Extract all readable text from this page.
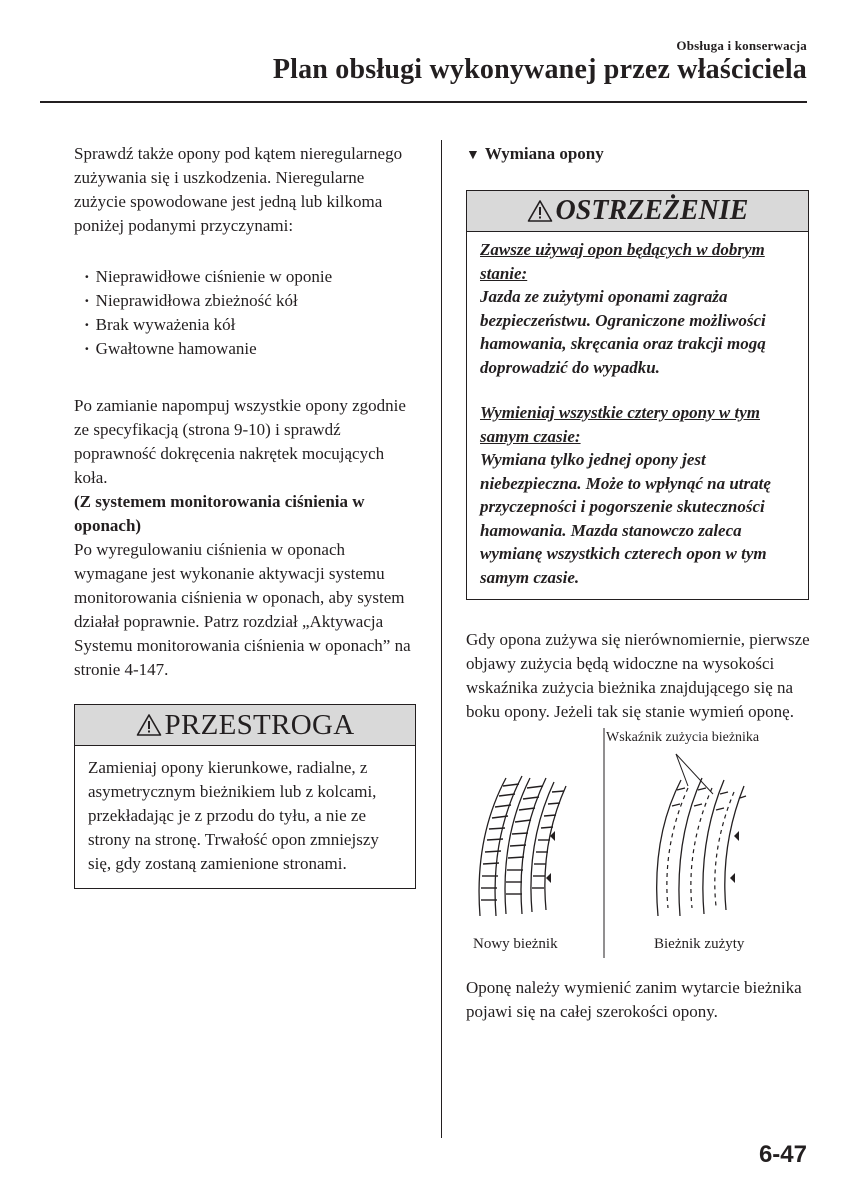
Obsługa i konserwacja
Plan obsługi wykonywanej przez właściciela

Sprawdź także opony pod kątem nieregularnego zużywania się i uszkodzenia. Nieregularne zużycie spowodowane jest jedną lub kilkoma poniżej podanymi przyczynami:

· Nieprawidłowe ciśnienie w oponie
· Nieprawidłowa zbieżność kół
· Brak wyważenia kół
· Gwałtowne hamowanie

Po zamianie napompuj wszystkie opony zgodnie ze specyfikacją (strona 9-10) i sprawdź poprawność dokręcenia nakrętek mocujących koła.

(Z systemem monitorowania ciśnienia w oponach)

Po wyregulowaniu ciśnienia w oponach wymagane jest wykonanie aktywacji systemu monitorowania ciśnienia w oponach, aby system działał poprawnie. Patrz rozdział „Aktywacja Systemu monitorowania ciśnienia w oponach” na stronie 4-147.

PRZESTROGA
Zamieniaj opony kierunkowe, radialne, z asymetrycznym bieżnikiem lub z kolcami, przekładając je z przodu do tyłu, a nie ze strony na stronę. Trwałość opon zmniejszy się, gdy zostaną zamienione stronami.
▼ Wymiana opony
OSTRZEŻENIE
Zawsze używaj opon będących w dobrym stanie:
Jazda ze zużytymi oponami zagraża bezpieczeństwu. Ograniczone możliwości hamowania, skręcania oraz trakcji mogą doprowadzić do wypadku.
Wymieniaj wszystkie cztery opony w tym samym czasie:
Wymiana tylko jednej opony jest niebezpieczna. Może to wpłynąć na utratę przyczepności i pogorszenie skuteczności hamowania. Mazda stanowczo zaleca wymianę wszystkich czterech opon w tym samym czasie.

Gdy opona zużywa się nierównomiernie, pierwsze objawy zużycia będą widoczne na wysokości wskaźnika zużycia bieżnika znajdującego się na boku opony. Jeżeli tak się stanie wymień oponę.

Wskaźnik zużycia bieżnika
Nowy bieżnik	Bieżnik zużyty

Oponę należy wymienić zanim wytarcie bieżnika pojawi się na całej szerokości opony.

6-47
